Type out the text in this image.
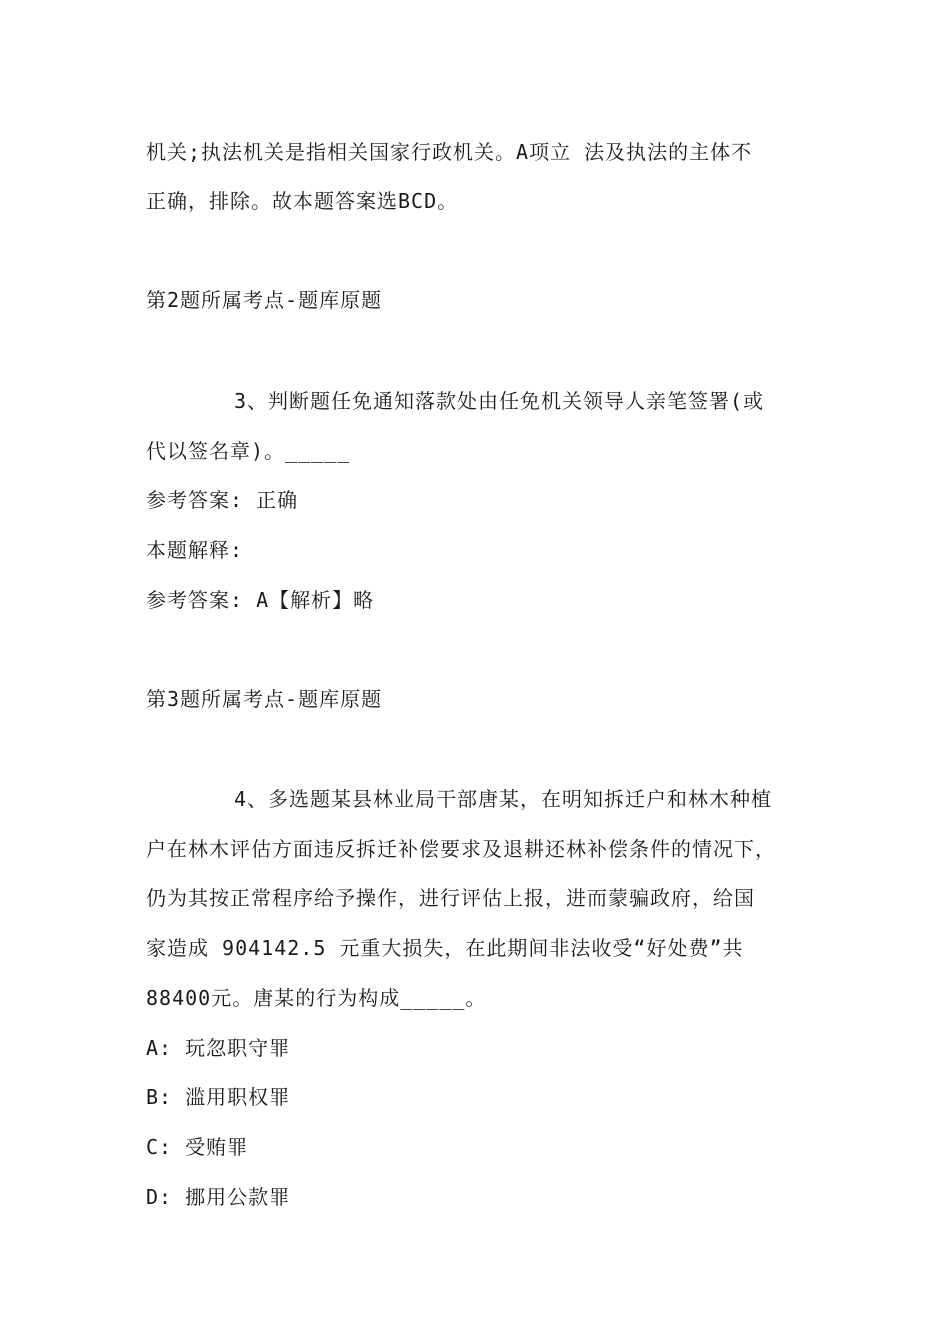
机关;执法机关是指相关国家行政机关。A项立 法及执法的主体不
正确，排除。故本题答案选BCD。
第2题所属考点-题库原题
3、判断题任免通知落款处由任免机关领导人亲笔签署(或
代以签名章)。_____
参考答案: 正确
本题解释:
参考答案: A【解析】略
第3题所属考点-题库原题
4、多选题某县林业局干部唐某，在明知拆迁户和林木种植
户在林木评估方面违反拆迁补偿要求及退耕还林补偿条件的情况下，
仍为其按正常程序给予操作，进行评估上报，进而蒙骗政府，给国
家造成 904142.5 元重大损失，在此期间非法收受“好处费”共
88400元。唐某的行为构成_____。
A: 玩忽职守罪
B: 滥用职权罪
C: 受贿罪
D: 挪用公款罪
